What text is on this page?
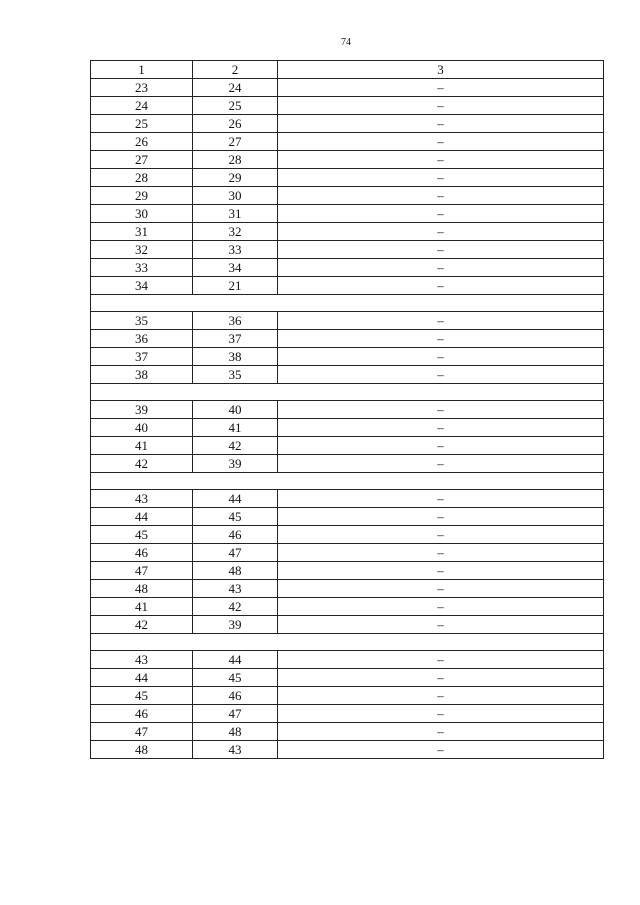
74
1	2	3
23	24	–
24	25	–
25	26	–
26	27	–
27	28	–
28	29	–
29	30	–
30	31	–
31	32	–
32	33	–
33	34	–
34	21	–

35	36	–
36	37	–
37	38	–
38	35	–

39	40	–
40	41	–
41	42	–
42	39	–

43	44	–
44	45	–
45	46	–
46	47	–
47	48	–
48	43	–
41	42	–
42	39	–

43	44	–
44	45	–
45	46	–
46	47	–
47	48	–
48	43	–
